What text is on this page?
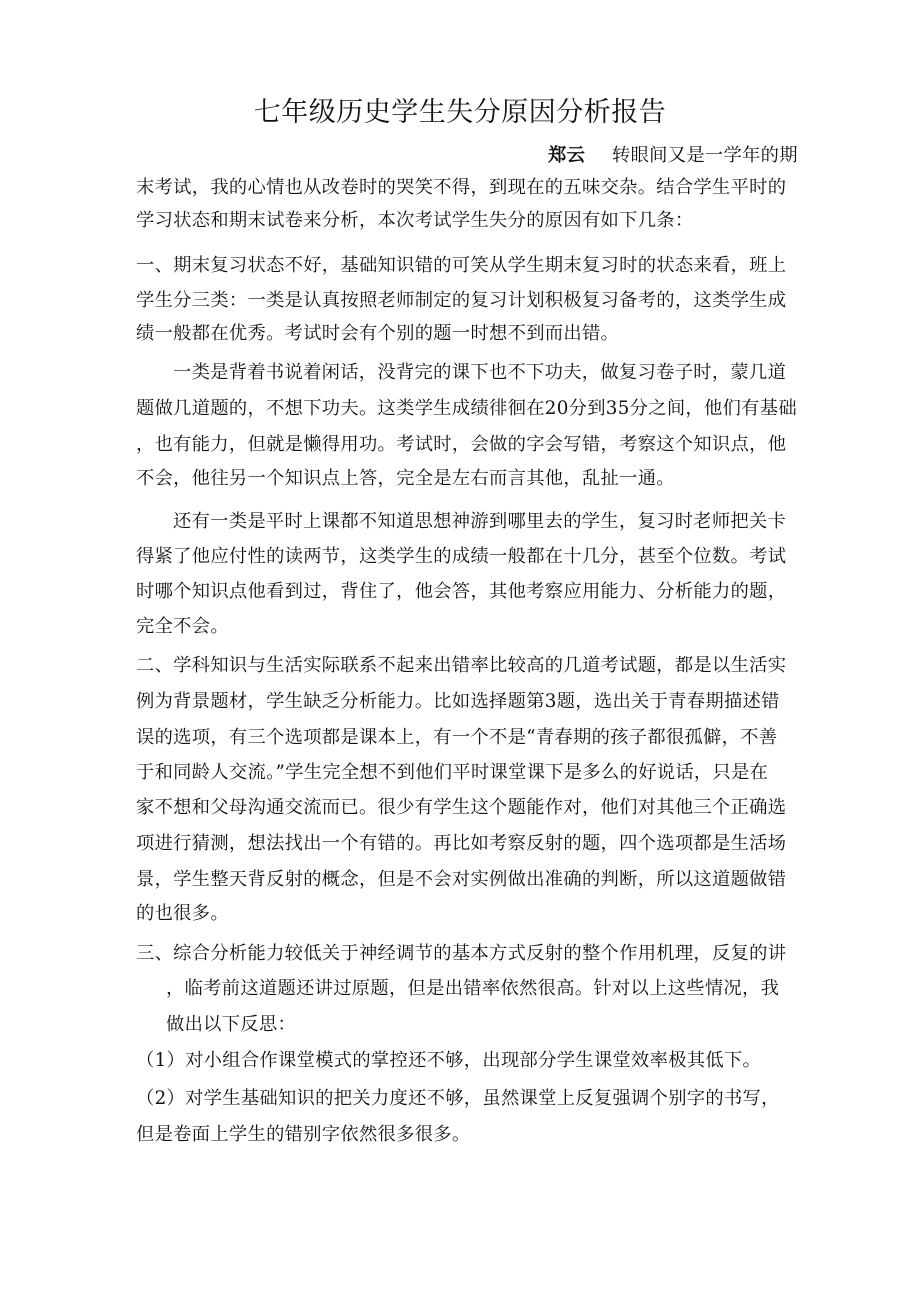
七年级历史学生失分原因分析报告
郑云 转眼间又是一学年的期
末考试，我的心情也从改卷时的哭笑不得，到现在的五味交杂。结合学生平时的
学习状态和期末试卷来分析，本次考试学生失分的原因有如下几条：
一、期末复习状态不好，基础知识错的可笑从学生期末复习时的状态来看，班上
学生分三类：一类是认真按照老师制定的复习计划积极复习备考的，这类学生成
绩一般都在优秀。考试时会有个别的题一时想不到而出错。
一类是背着书说着闲话，没背完的课下也不下功夫，做复习卷子时，蒙几道
题做几道题的，不想下功夫。这类学生成绩徘徊在20分到35分之间，他们有基础
，也有能力，但就是懒得用功。考试时，会做的字会写错，考察这个知识点，他
不会，他往另一个知识点上答，完全是左右而言其他，乱扯一通。
还有一类是平时上课都不知道思想神游到哪里去的学生，复习时老师把关卡
得紧了他应付性的读两节，这类学生的成绩一般都在十几分，甚至个位数。考试
时哪个知识点他看到过，背住了，他会答，其他考察应用能力、分析能力的题，
完全不会。
二、学科知识与生活实际联系不起来出错率比较高的几道考试题，都是以生活实
例为背景题材，学生缺乏分析能力。比如选择题第3题，选出关于青春期描述错
误的选项，有三个选项都是课本上，有一个不是“青春期的孩子都很孤僻，不善
于和同龄人交流。”学生完全想不到他们平时课堂课下是多么的好说话，只是在
家不想和父母沟通交流而已。很少有学生这个题能作对，他们对其他三个正确选
项进行猜测，想法找出一个有错的。再比如考察反射的题，四个选项都是生活场
景，学生整天背反射的概念，但是不会对实例做出准确的判断，所以这道题做错
的也很多。
三、综合分析能力较低关于神经调节的基本方式反射的整个作用机理，反复的讲
，临考前这道题还讲过原题，但是出错率依然很高。针对以上这些情况，我
做出以下反思：
（1）对小组合作课堂模式的掌控还不够，出现部分学生课堂效率极其低下。
（2）对学生基础知识的把关力度还不够，虽然课堂上反复强调个别字的书写，
但是卷面上学生的错别字依然很多很多。
